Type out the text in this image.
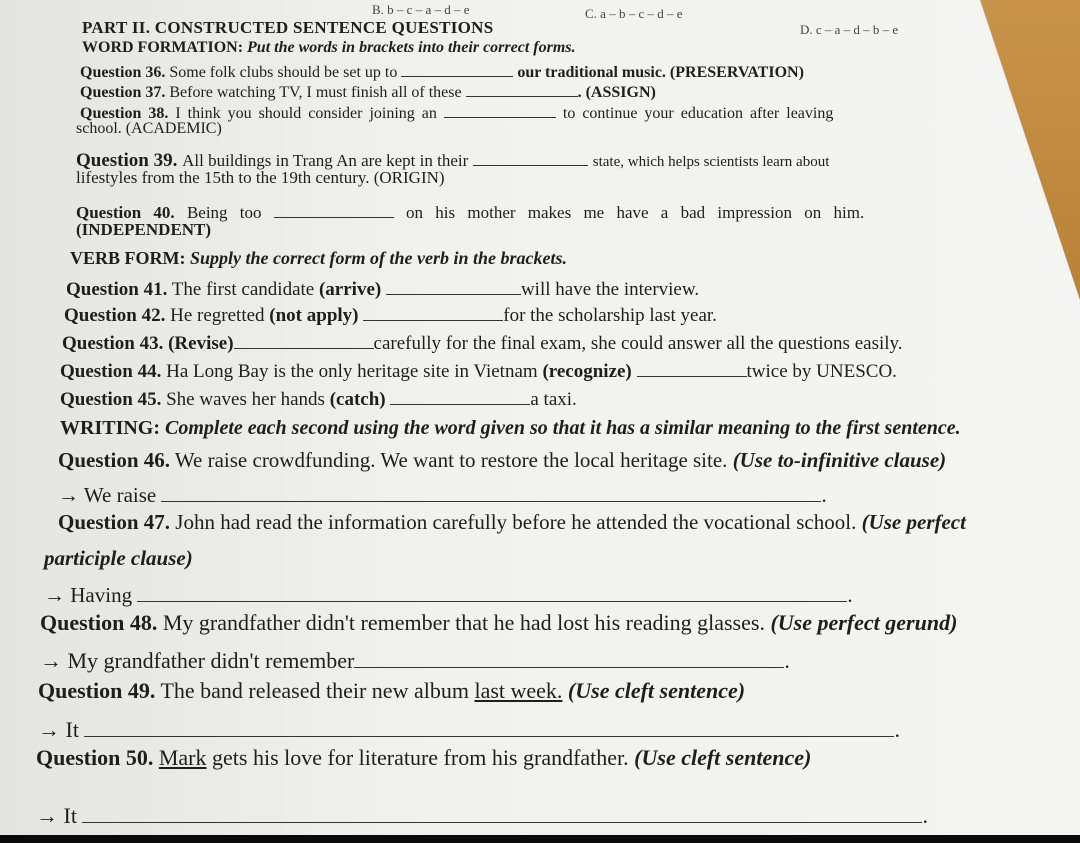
B. b – c – a – d – e	C. a – b – c – d – e
D. c – a – d – b – e
PART II. CONSTRUCTED SENTENCE QUESTIONS
WORD FORMATION: Put the words in brackets into their correct forms.
Question 36. Some folk clubs should be set up to	our traditional music. (PRESERVATION)
Question 37. Before watching TV, I must finish all of these	. (ASSIGN)
Question 38. I think you should consider joining an	to continue your education after leaving
school. (ACADEMIC)
Question 39. All buildings in Trang An are kept in their	state, which helps scientists learn about
lifestyles from the 15th to the 19th century. (ORIGIN)
Question 40. Being too	on his mother makes me have a bad impression on him.
(INDEPENDENT)
VERB FORM: Supply the correct form of the verb in the brackets.
Question 41. The first candidate (arrive)	will have the interview.
Question 42. He regretted (not apply)	for the scholarship last year.
Question 43. (Revise)	carefully for the final exam, she could answer all the questions easily.
Question 44. Ha Long Bay is the only heritage site in Vietnam (recognize)	twice by UNESCO.
Question 45. She waves her hands (catch)	a taxi.
WRITING: Complete each second using the word given so that it has a similar meaning to the first sentence.
Question 46. We raise crowdfunding. We want to restore the local heritage site. (Use to-infinitive clause)
→ We raise	.
Question 47. John had read the information carefully before he attended the vocational school. (Use perfect
participle clause)
→ Having	.
Question 48. My grandfather didn't remember that he had lost his reading glasses. (Use perfect gerund)
→ My grandfather didn't remember	.
Question 49. The band released their new album last week. (Use cleft sentence)
→ It	.
Question 50. Mark gets his love for literature from his grandfather. (Use cleft sentence)
→ It	.
